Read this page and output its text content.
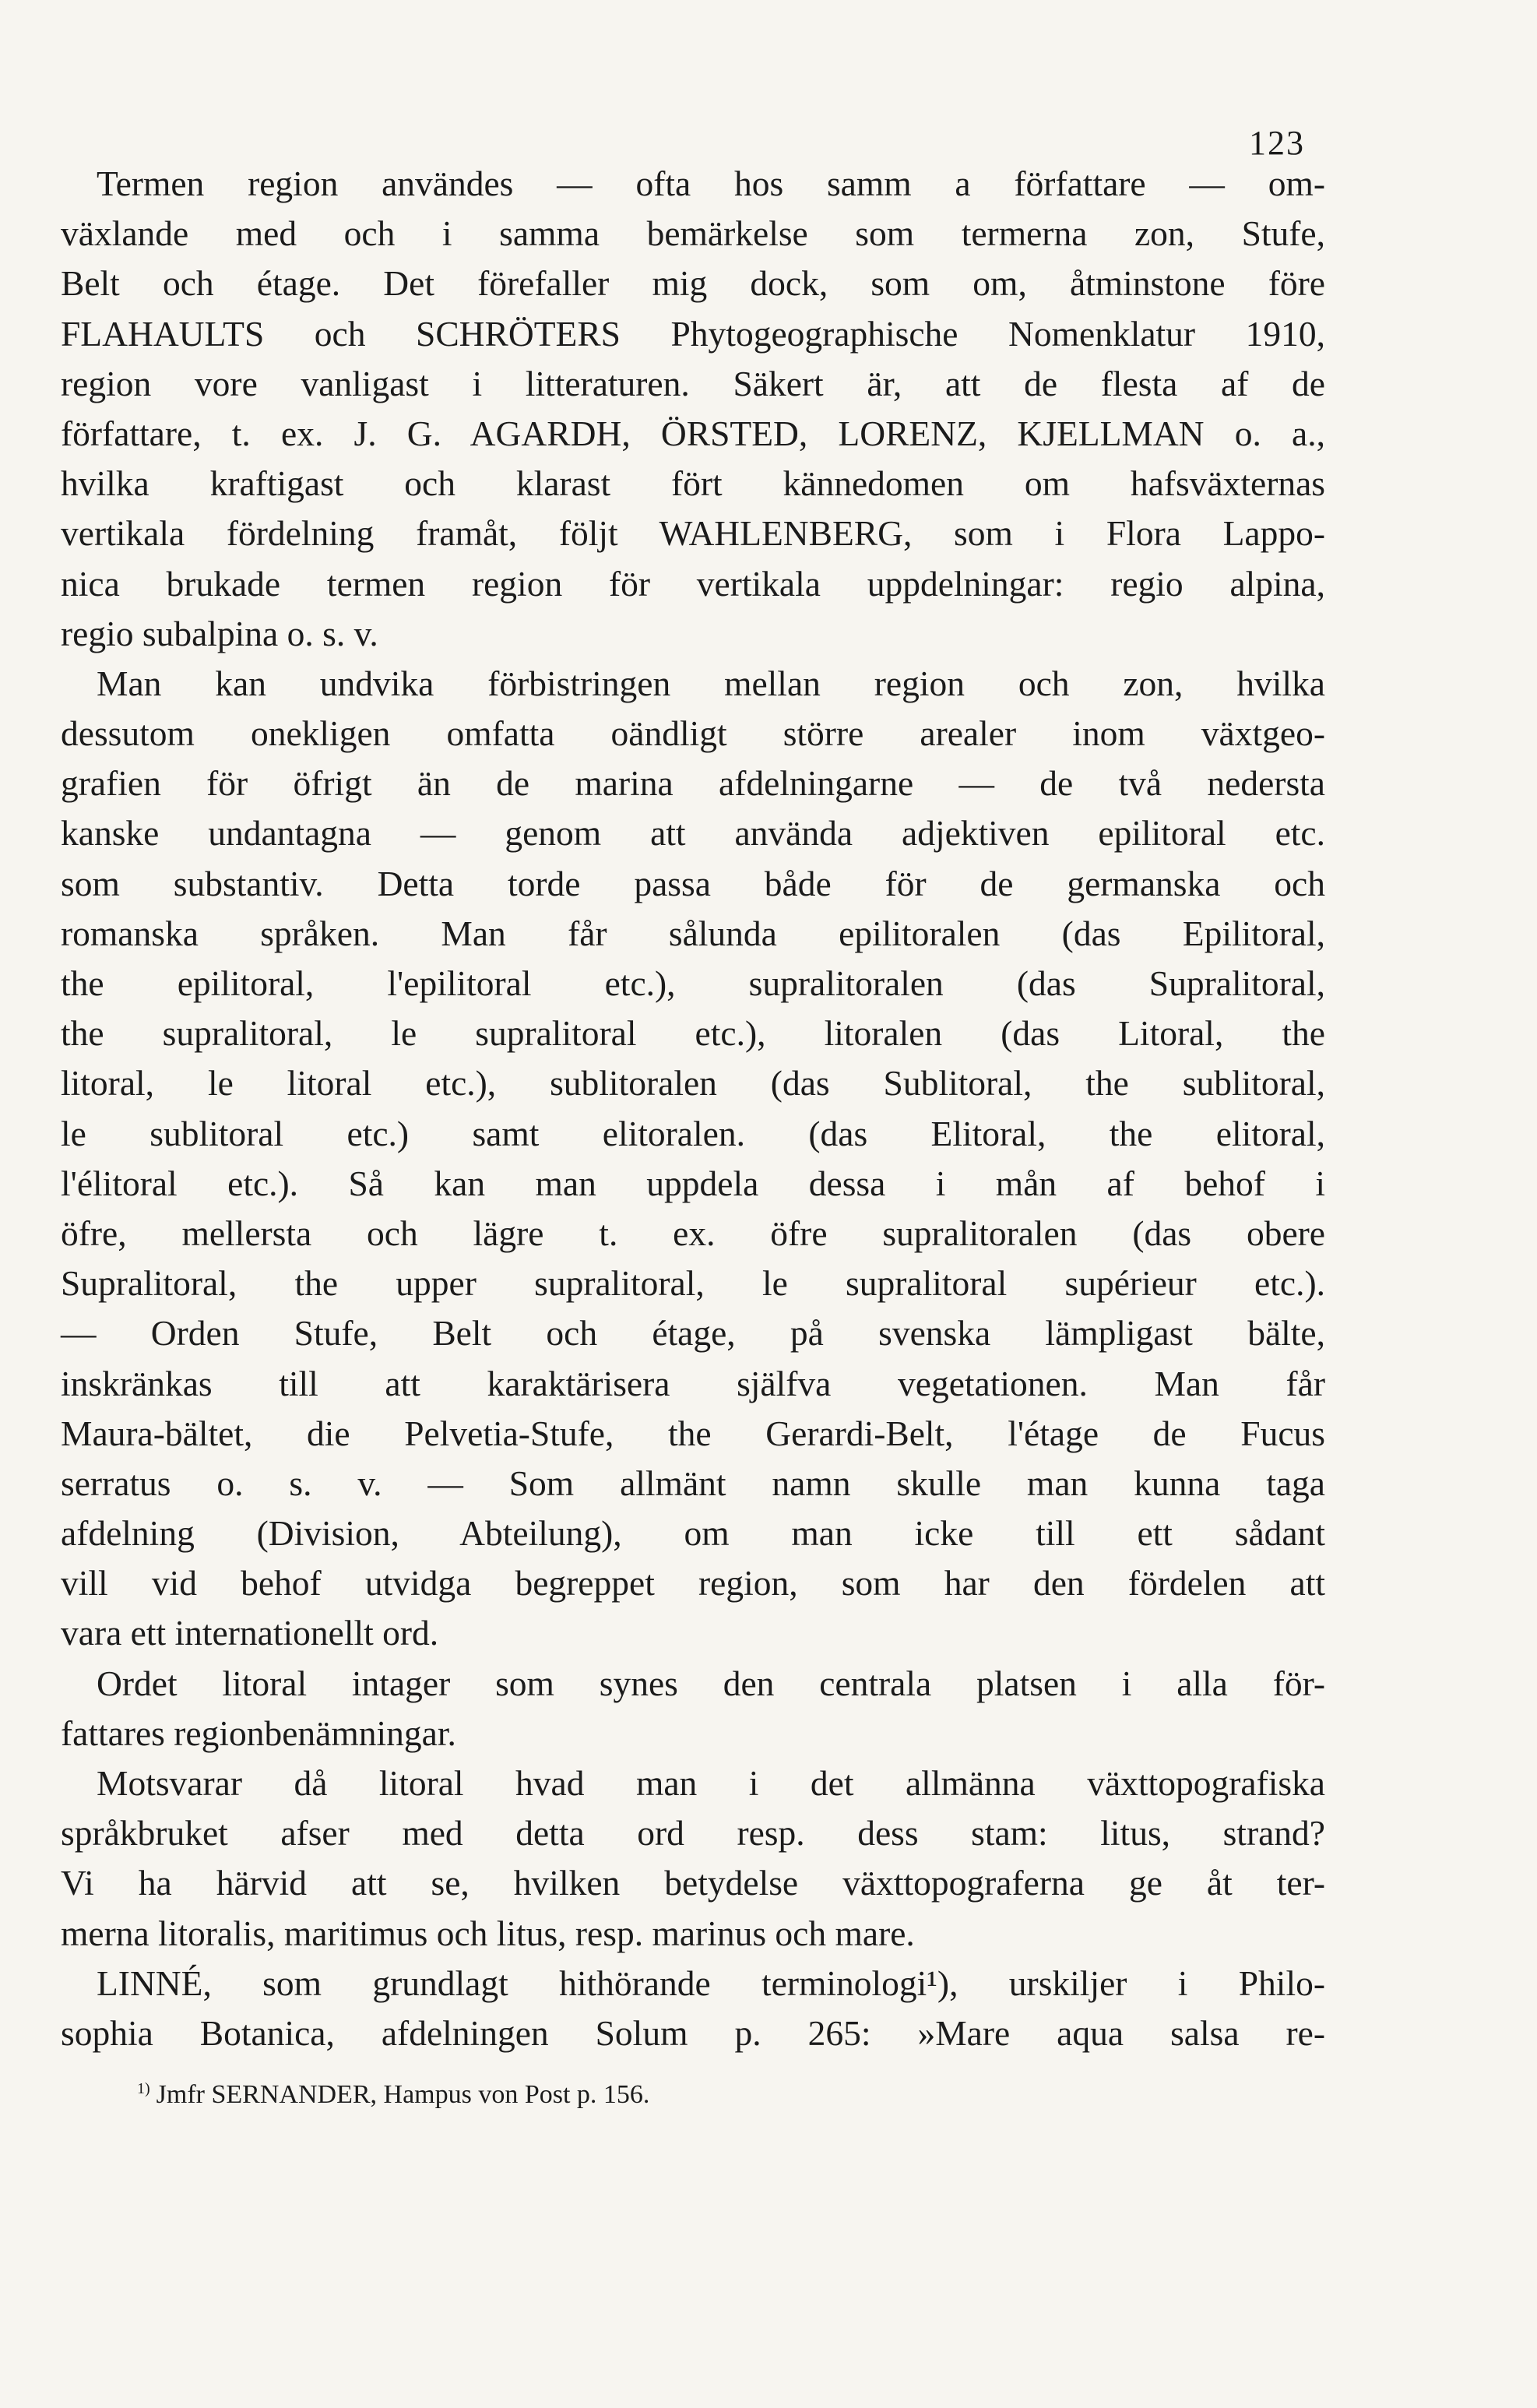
123
Termen region användes — ofta hos samm a författare — om-
växlande med och i samma bemärkelse som termerna zon, Stufe,
Belt och étage. Det förefaller mig dock, som om, åtminstone före
FLAHAULTS och SCHRÖTERS Phytogeographische Nomenklatur 1910,
region vore vanligast i litteraturen. Säkert är, att de flesta af de
författare, t. ex. J. G. AGARDH, ÖRSTED, LORENZ, KJELLMAN o. a.,
hvilka kraftigast och klarast fört kännedomen om hafsväxternas
vertikala fördelning framåt, följt WAHLENBERG, som i Flora Lappo-
nica brukade termen region för vertikala uppdelningar: regio alpina,
regio subalpina o. s. v.
Man kan undvika förbistringen mellan region och zon, hvilka
dessutom onekligen omfatta oändligt större arealer inom växtgeo-
grafien för öfrigt än de marina afdelningarne — de två nedersta
kanske undantagna — genom att använda adjektiven epilitoral etc.
som substantiv. Detta torde passa både för de germanska och
romanska språken. Man får sålunda epilitoralen (das Epilitoral,
the epilitoral, l'epilitoral etc.), supralitoralen (das Supralitoral,
the supralitoral, le supralitoral etc.), litoralen (das Litoral, the
litoral, le litoral etc.), sublitoralen (das Sublitoral, the sublitoral,
le sublitoral etc.) samt elitoralen. (das Elitoral, the elitoral,
l'élitoral etc.). Så kan man uppdela dessa i mån af behof i
öfre, mellersta och lägre t. ex. öfre supralitoralen (das obere
Supralitoral, the upper supralitoral, le supralitoral supérieur etc.).
— Orden Stufe, Belt och étage, på svenska lämpligast bälte,
inskränkas till att karaktärisera själfva vegetationen. Man får
Maura-bältet, die Pelvetia-Stufe, the Gerardi-Belt, l'étage de Fucus
serratus o. s. v. — Som allmänt namn skulle man kunna taga
afdelning (Division, Abteilung), om man icke till ett sådant
vill vid behof utvidga begreppet region, som har den fördelen att
vara ett internationellt ord.
Ordet litoral intager som synes den centrala platsen i alla för-
fattares regionbenämningar.
Motsvarar då litoral hvad man i det allmänna växttopografiska
språkbruket afser med detta ord resp. dess stam: litus, strand?
Vi ha härvid att se, hvilken betydelse växttopograferna ge åt ter-
merna litoralis, maritimus och litus, resp. marinus och mare.
LINNÉ, som grundlagt hithörande terminologi¹), urskiljer i Philo-
sophia Botanica, afdelningen Solum p. 265: »Mare aqua salsa re-
$^{1)}$ Jmfr SERNANDER, Hampus von Post p. 156.
